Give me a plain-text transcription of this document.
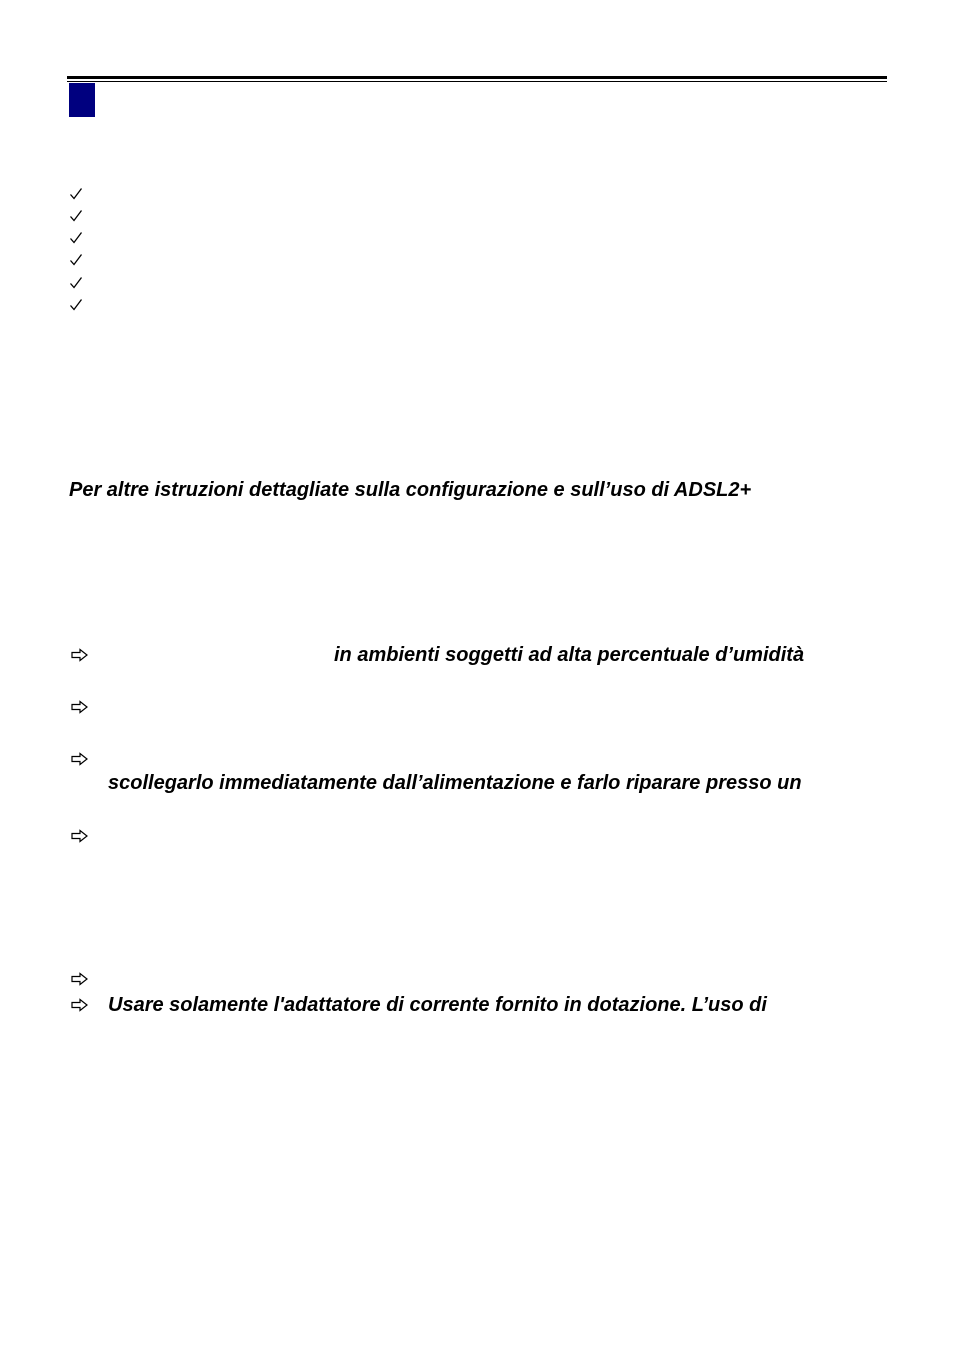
Per altre istruzioni dettagliate sulla configurazione e sull’uso di ADSL2+
in ambienti soggetti ad alta percentuale d’umidità
scollegarlo immediatamente dall’alimentazione e farlo riparare presso un
Usare solamente l'adattatore di corrente fornito in dotazione. L’uso di
